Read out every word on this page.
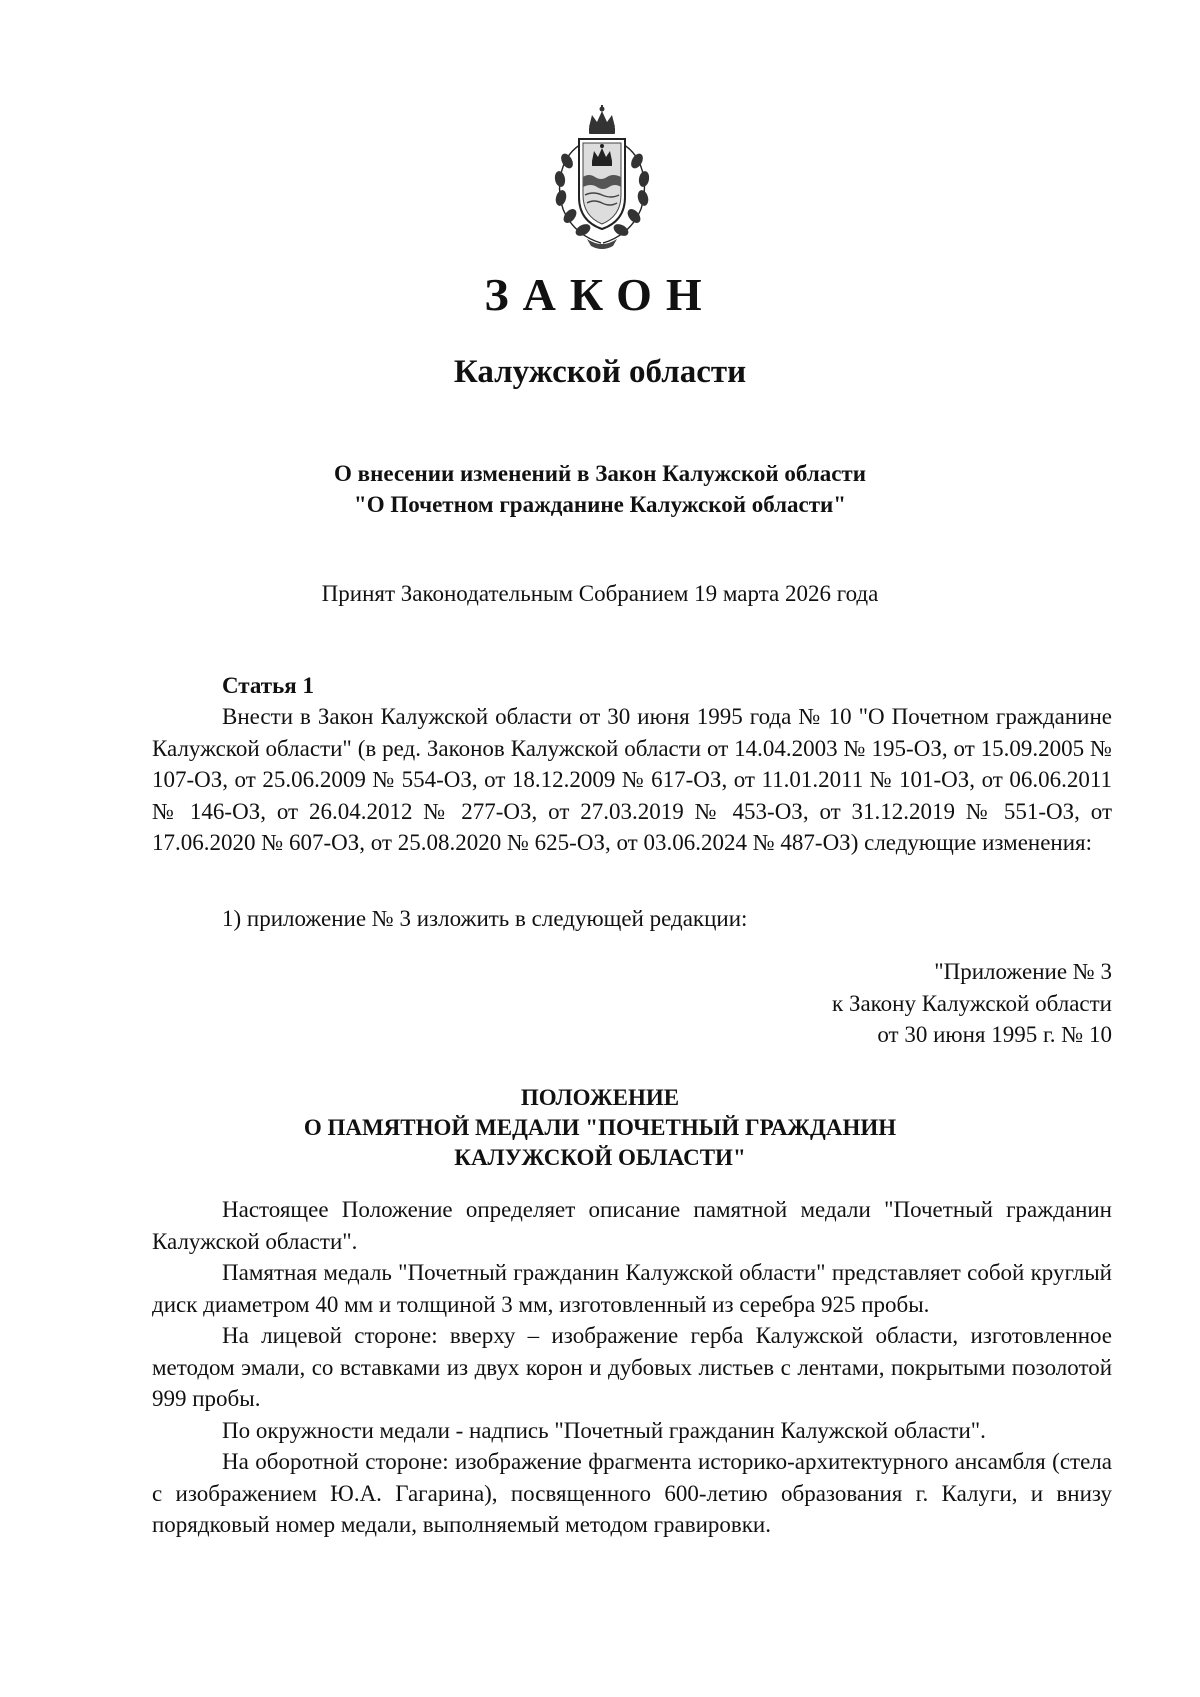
ЗАКОН
Калужской области
О внесении изменений в Закон Калужской области
"О Почетном гражданине Калужской области"
Принят Законодательным Собранием 19 марта 2026 года
Статья 1

Внести в Закон Калужской области от 30 июня 1995 года № 10 "О Почетном гражданине Калужской области" (в ред. Законов Калужской области от 14.04.2003 № 195-ОЗ, от 15.09.2005 № 107-ОЗ, от 25.06.2009 № 554-ОЗ, от 18.12.2009 № 617-ОЗ, от 11.01.2011 № 101-ОЗ, от 06.06.2011 № 146-ОЗ, от 26.04.2012 № 277-ОЗ, от 27.03.2019 № 453-ОЗ, от 31.12.2019 № 551-ОЗ, от 17.06.2020 № 607-ОЗ, от 25.08.2020 № 625-ОЗ, от 03.06.2024 № 487-ОЗ) следующие изменения:

1) приложение № 3 изложить в следующей редакции:
"Приложение № 3
к Закону Калужской области
от 30 июня 1995 г. № 10
ПОЛОЖЕНИЕ
О ПАМЯТНОЙ МЕДАЛИ "ПОЧЕТНЫЙ ГРАЖДАНИН
КАЛУЖСКОЙ ОБЛАСТИ"

Настоящее Положение определяет описание памятной медали "Почетный гражданин Калужской области".

Памятная медаль "Почетный гражданин Калужской области" представляет собой круглый диск диаметром 40 мм и толщиной 3 мм, изготовленный из серебра 925 пробы.

На лицевой стороне: вверху – изображение герба Калужской области, изготовленное методом эмали, со вставками из двух корон и дубовых листьев с лентами, покрытыми позолотой 999 пробы.

По окружности медали - надпись "Почетный гражданин Калужской области".

На оборотной стороне: изображение фрагмента историко-архитектурного ансамбля (стела с изображением Ю.А. Гагарина), посвященного 600-летию образования г. Калуги, и внизу порядковый номер медали, выполняемый методом гравировки.
